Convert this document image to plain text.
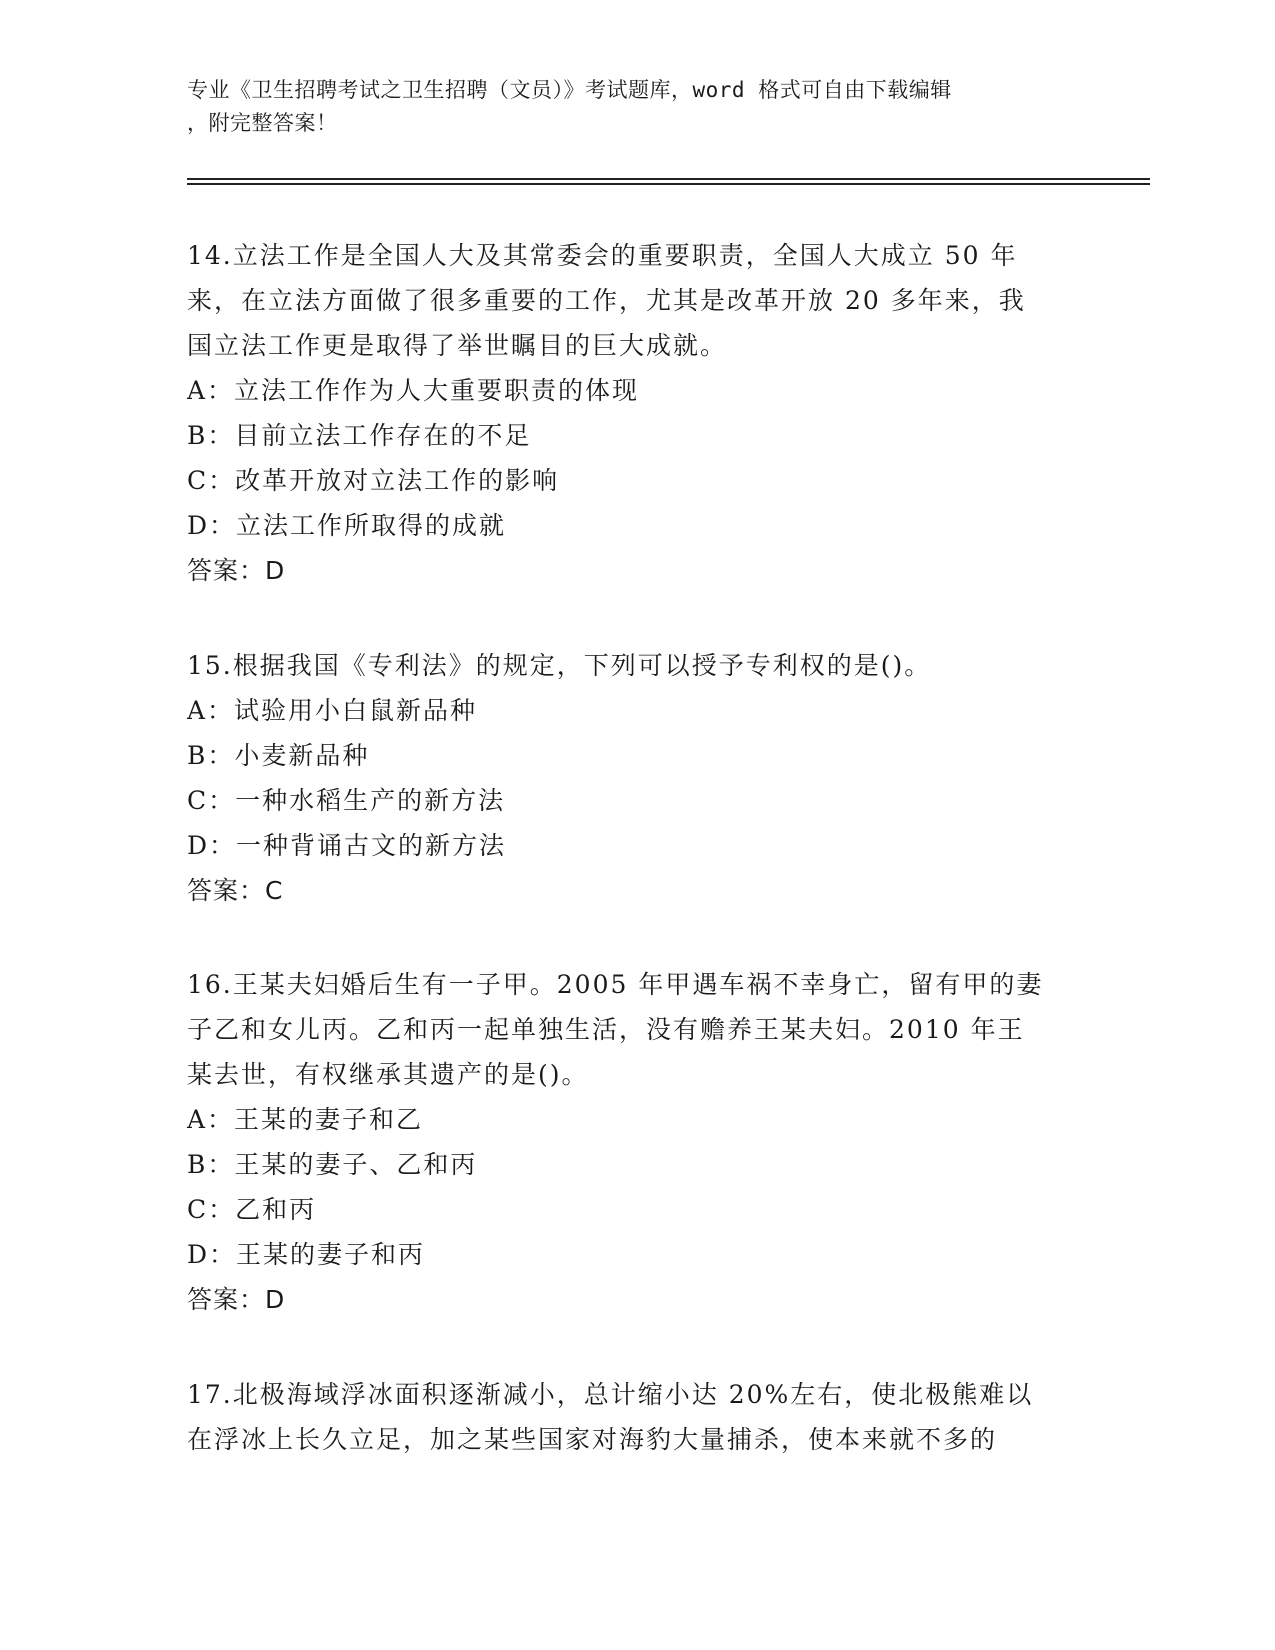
专业《卫生招聘考试之卫生招聘（文员）》考试题库，word 格式可自由下载编辑
，附完整答案！
14.立法工作是全国人大及其常委会的重要职责，全国人大成立 50 年
来，在立法方面做了很多重要的工作，尤其是改革开放 20 多年来，我
国立法工作更是取得了举世瞩目的巨大成就。
A：立法工作作为人大重要职责的体现
B：目前立法工作存在的不足
C：改革开放对立法工作的影响
D：立法工作所取得的成就
答案：D
15.根据我国《专利法》的规定，下列可以授予专利权的是()。
A：试验用小白鼠新品种
B：小麦新品种
C：一种水稻生产的新方法
D：一种背诵古文的新方法
答案：C
16.王某夫妇婚后生有一子甲。2005 年甲遇车祸不幸身亡，留有甲的妻
子乙和女儿丙。乙和丙一起单独生活，没有赡养王某夫妇。2010 年王
某去世，有权继承其遗产的是()。
A：王某的妻子和乙
B：王某的妻子、乙和丙
C：乙和丙
D：王某的妻子和丙
答案：D
17.北极海域浮冰面积逐渐减小，总计缩小达 20%左右，使北极熊难以
在浮冰上长久立足，加之某些国家对海豹大量捕杀，使本来就不多的
